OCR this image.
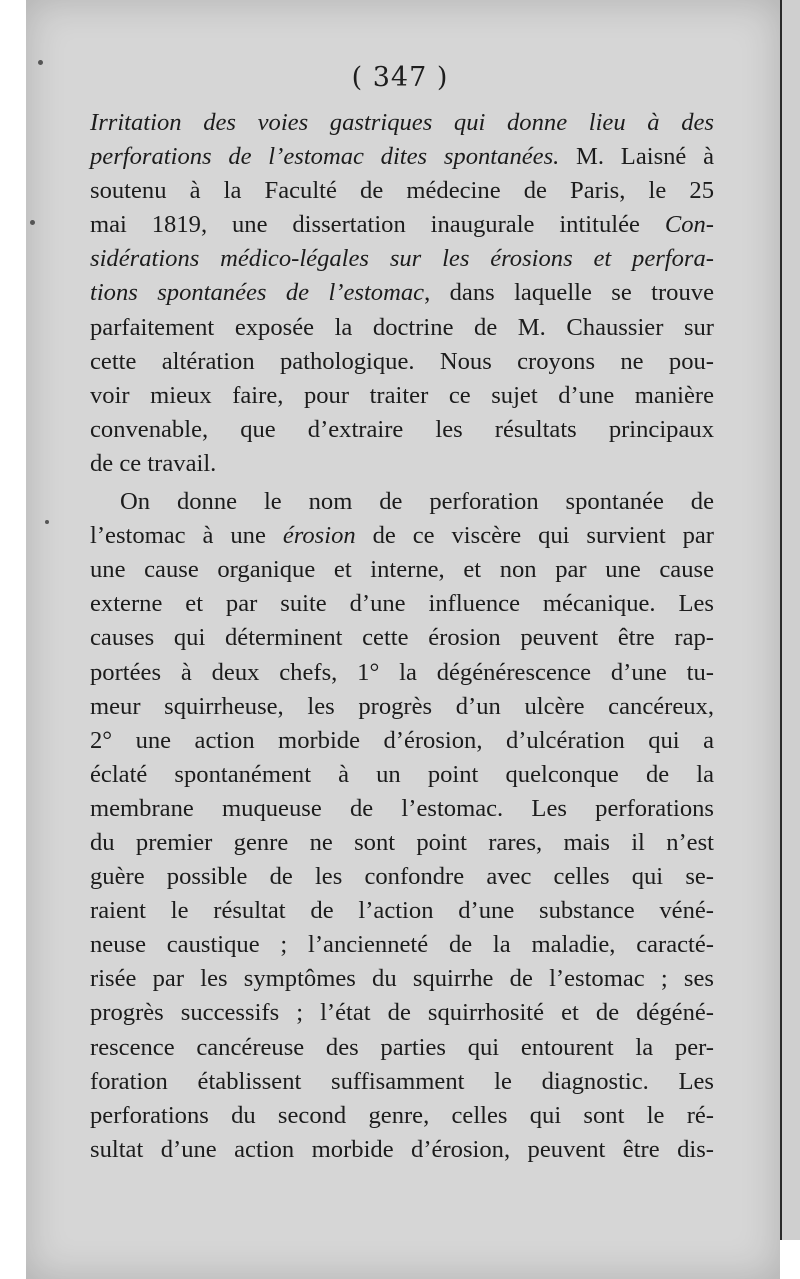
( 347 )
Irritation des voies gastriques qui donne lieu à des
perforations de l’estomac dites spontanées. M. Laisné à
soutenu à la Faculté de médecine de Paris, le 25
mai 1819, une dissertation inaugurale intitulée Con-
sidérations médico-légales sur les érosions et perfora-
tions spontanées de l’estomac, dans laquelle se trouve
parfaitement exposée la doctrine de M. Chaussier sur
cette altération pathologique. Nous croyons ne pou-
voir mieux faire, pour traiter ce sujet d’une manière
convenable, que d’extraire les résultats principaux
de ce travail.
On donne le nom de perforation spontanée de
l’estomac à une érosion de ce viscère qui survient par
une cause organique et interne, et non par une cause
externe et par suite d’une influence mécanique. Les
causes qui déterminent cette érosion peuvent être rap-
portées à deux chefs, 1° la dégénérescence d’une tu-
meur squirrheuse, les progrès d’un ulcère cancéreux,
2° une action morbide d’érosion, d’ulcération qui a
éclaté spontanément à un point quelconque de la
membrane muqueuse de l’estomac. Les perforations
du premier genre ne sont point rares, mais il n’est
guère possible de les confondre avec celles qui se-
raient le résultat de l’action d’une substance véné-
neuse caustique ; l’ancienneté de la maladie, caracté-
risée par les symptômes du squirrhe de l’estomac ; ses
progrès successifs ; l’état de squirrhosité et de dégéné-
rescence cancéreuse des parties qui entourent la per-
foration établissent suffisamment le diagnostic. Les
perforations du second genre, celles qui sont le ré-
sultat d’une action morbide d’érosion, peuvent être dis-
